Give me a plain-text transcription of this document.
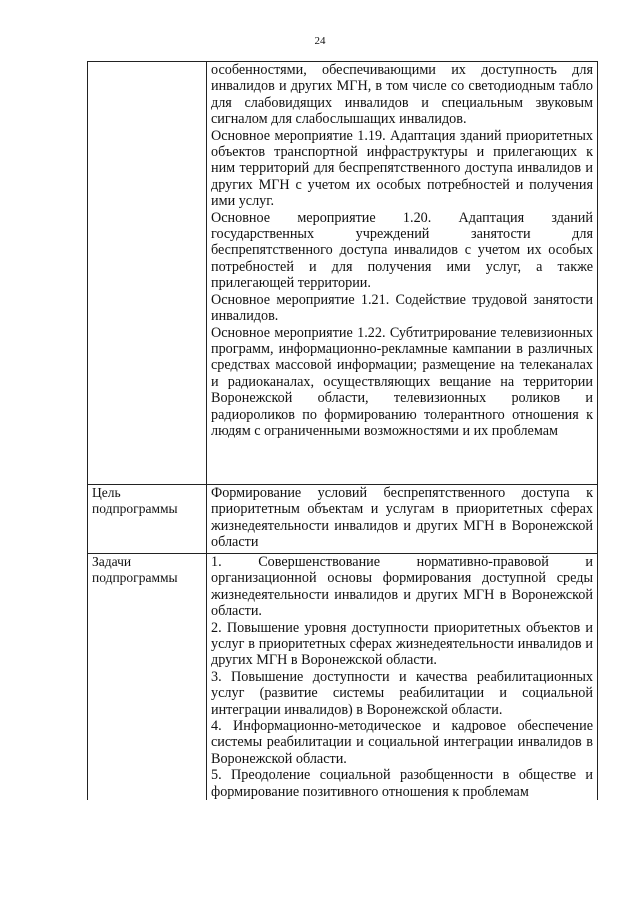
24

	особенностями, обеспечивающими их доступность для инвалидов и других МГН, в том числе со светодиодным табло для слабовидящих инвалидов и специальным звуковым сигналом для слабослышащих инвалидов.

Основное мероприятие 1.19. Адаптация зданий приоритетных объектов транспортной инфраструктуры и прилегающих к ним территорий для беспрепятственного доступа инвалидов и других МГН с учетом их особых потребностей и получения ими услуг.

Основное мероприятие 1.20. Адаптация зданий государственных учреждений занятости для беспрепятственного доступа инвалидов с учетом их особых потребностей и для получения ими услуг, а также прилегающей территории.

Основное мероприятие 1.21. Содействие трудовой занятости инвалидов.

Основное мероприятие 1.22. Субтитрирование телевизионных программ, информационно-рекламные кампании в различных средствах массовой информации; размещение на телеканалах и радиоканалах, осуществляющих вещание на территории Воронежской области, телевизионных роликов и радиороликов по формированию толерантного отношения к людям с ограниченными возможностями и их проблемам

Цель подпрограммы	Формирование условий беспрепятственного доступа к приоритетным объектам и услугам в приоритетных сферах жизнедеятельности инвалидов и других МГН в Воронежской области

Задачи подпрограммы	1. Совершенствование нормативно-правовой и организационной основы формирования доступной среды жизнедеятельности инвалидов и других МГН в Воронежской области.

2. Повышение уровня доступности приоритетных объектов и услуг в приоритетных сферах жизнедеятельности инвалидов и других МГН в Воронежской области.

3. Повышение доступности и качества реабилитационных услуг (развитие системы реабилитации и социальной интеграции инвалидов) в Воронежской области.

4. Информационно-методическое и кадровое обеспечение системы реабилитации и социальной интеграции инвалидов в Воронежской области.

5. Преодоление социальной разобщенности в обществе и формирование позитивного отношения к проблемам
